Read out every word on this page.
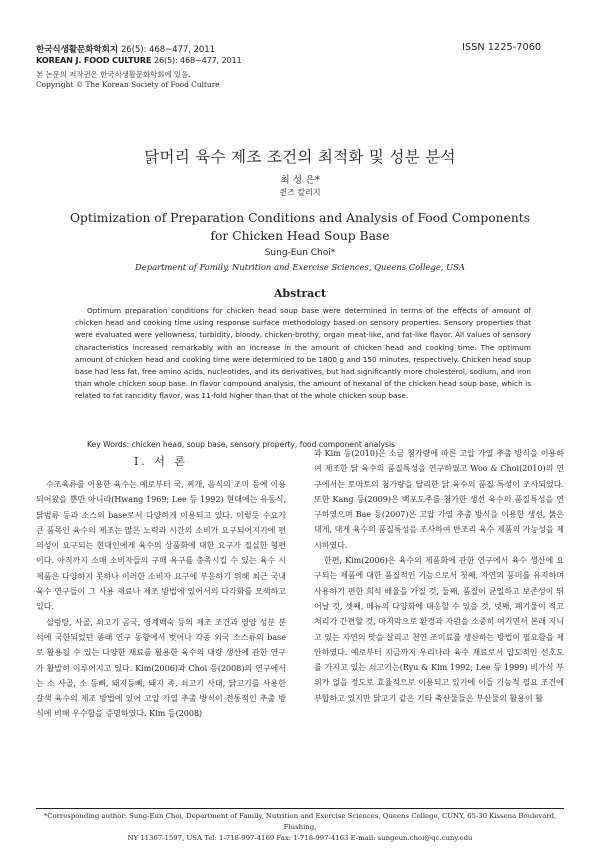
한국식생활문화학회지 26(5): 468~477, 2011
KOREAN J. FOOD CULTURE 26(5): 468~477, 2011
본 논문의 저작권은 한국식생활문화학회에 있음.
Copyright © The Korean Society of Food Culture
ISSN 1225-7060
닭머리 육수 제조 조건의 최적화 및 성분 분석
최 성 은*
퀸즈 칼리지
Optimization of Preparation Conditions and Analysis of Food Components
for Chicken Head Soup Base
Sung-Eun Choi*
Department of Family, Nutrition and Exercise Sciences, Queens College, USA
Abstract
Optimum preparation conditions for chicken head soup base were determined in terms of the effects of amount of chicken head and cooking time using response surface methodology based on sensory properties. Sensory properties that were evaluated were yellowness, turbidity, bloody, chicken-brothy, organ meat-like, and fat-like flavor. All values of sensory characteristics increased remarkably with an increase in the amount of chicken head and cooking time. The optimum amount of chicken head and cooking time were determined to be 1800 g and 150 minutes, respectively. Chicken head soup base had less fat, free amino acids, nucleotides, and its derivatives, but had significantly more cholesterol, sodium, and iron than whole chicken soup base. In flavor compound analysis, the amount of hexanal of the chicken head soup base, which is related to fat rancidity flavor, was 11-fold higher than that of the whole chicken soup base.
Key Words: chicken head, soup base, sensory property, food component analysis
I. 서 론

수조육류를 이용한 육수는 예로부터 국, 찌개, 음식의 조미 등에 이용되어왔을 뿐만 아니라(Hwang 1969; Lee 등 1992) 현대에는 유동식, 닭범류 등과 소스의 base로서 다양하게 이용되고 있다. 이렇듯 수요가 큰 품목인 육수의 제조는 많은 노력과 시간의 소비가 요구되어지기에 편의성이 요구되는 현대인에게 육수의 상품화에 대한 요구가 절실한 형편이다. 아직까지 소매 소비자들의 구매 욕구를 충족시킬 수 있는 육수 시제품은 다양하지 못하나 이러한 소비자 요구에 부응하기 위해 최근 국내 육수 연구들이 그 사용 재료나 제조 방법에 있어서의 다각화를 모색하고 있다.

설렁탕, 사골, 쇠고기 곰국, 영계백숙 등의 제조 조건과 영양 성분 분석에 국한되었던 종래 연구 동향에서 벗어나 각종 외국 소스류의 base로 활용될 수 있는 다양한 재료를 활용한 육수의 대량 생산에 관한 연구가 활발히 이루어지고 있다. Kim(2006)과 Choi 등(2008)의 연구에서는 소 사골, 소 등뼈, 돼지등뼈, 돼지 족, 쇠고기 사태, 닭고기를 사용한 갈색 육수의 제조 방법에 있어 고압 가열 추출 방식이 전통적인 추출 방식에 비해 우수함을 증명하였다. Kim 등(2008)

과 Kim 등(2010)은 소금 첨가량에 따른 고압 가열 추출 방식을 이용하여 제조한 닭 육수의 품질특성을 연구하였고 Woo & Choi(2010)의 연구에서는 토마토의 첨가량을 달리한 닭 육수의 품질 특성이 조사되었다. 또한 Kang 등(2009)은 백포도주를 첨가한 생선 육수의 품질특성을 연구하였으며 Bae 등(2007)은 고압 가열 추출 방식을 이용한 생선, 붉은 대게, 대게 육수의 품질특성을 조사하여 반조리 육수 제품의 가능성을 제시하였다.

한편, Kim(2006)은 육수의 제품화에 관한 연구에서 육수 생산에 요구되는 제품에 대한 품질적인 기능으로서 첫째, 자연의 풍미를 유지하며 사용하기 편한 희석 배율을 가질 것, 둘째, 품질이 균일하고 보존성이 뛰어날 것, 셋째, 메뉴의 다양화에 대응할 수 있을 것, 넷째, 폐기물이 적고 처리가 간편할 것, 마지막으로 환경과 자원을 소중히 여기면서 본래 지니고 있는 자연의 맛을 살리고 천연 조미료를 생산하는 방법이 필요함을 제안하였다. 예로부터 지금까지 우리나라 육수 재료로서 압도적인 선호도를 가지고 있는 쇠고기는(Ryu & Kim 1992; Lee 등 1999) 비가식 부위가 없을 정도로 효율적으로 이용되고 있기에 이들 기능적 필요 조건에 부합하고 있지만 닭고기 같은 기타 축산물들은 부산물의 활용이 활

*Corresponding author: Sung-Eun Choi, Department of Family, Nutrition and Exercise Sciences, Queens College, CUNY, 65-30 Kissena Boulevard, Flushing,
NY 11367-1597, USA Tel: 1-718-997-4169 Fax: 1-718-997-4163 E-mail: sungeun.choi@qc.cuny.edu
